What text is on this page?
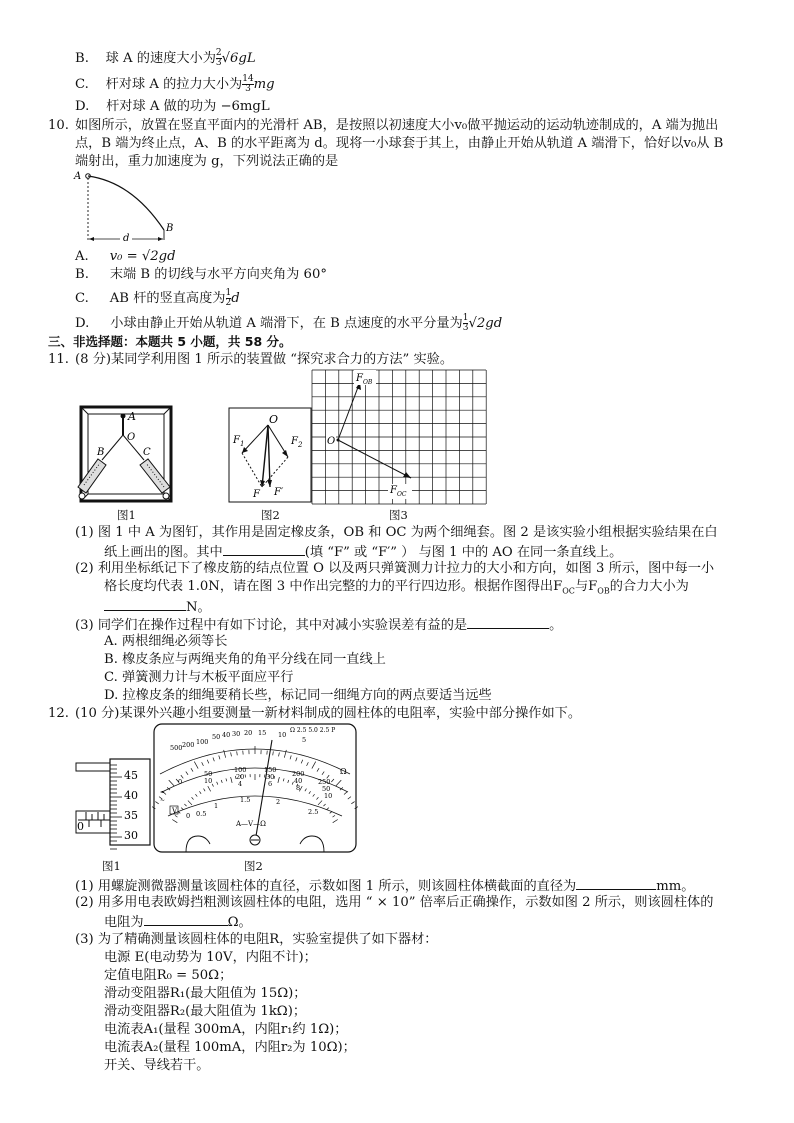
B. 球 A 的速度大小为 $\frac{2}{3} √6gL$
C. 杆对球 A 的拉力大小为 $\frac{14}{3}$ mg
D. 杆对球 A 做的功为 −6mgL
10. 如图所示，放置在竖直平面内的光滑杆 AB，是按照以初速度大小v₀做平抛运动的运动轨迹制成的，A 端为抛出
点，B 端为终止点，A、B 的水平距离为 d。现将一小球套于其上，由静止开始从轨道 A 端滑下，恰好以v₀从 B
端射出，重力加速度为 g，下列说法正确的是
A
B
d
A. v₀ = √2gd
B. 末端 B 的切线与水平方向夹角为 60°
C. AB 杆的竖直高度为 $\frac{1}{2}$ d
D. 小球由静止开始从轨道 A 端滑下，在 B 点速度的水平分量为 $\frac{1}{3} √2gd$
三、非选择题：本题共 5 小题，共 58 分。
11. (8 分)某同学利用图 1 所示的装置做 “探究求合力的方法” 实验。
A
O
B	C
图1
O
$F_1$	$F_2$
F F′
图2
O
$F_{OB}$
$F_{OC}$
图3
(1) 图 1 中 A 为图钉，其作用是固定橡皮条，OB 和 OC 为两个细绳套。图 2 是该实验小组根据实验结果在白
纸上画出的图。其中	(填 “F” 或 “F′” ） 与图 1 中的 AO 在同一条直线上。
(2) 利用坐标纸记下了橡皮筋的结点位置 O 以及两只弹簧测力计拉力的大小和方向，如图 3 所示，图中每一小
格长度均代表 1.0N，请在图 3 中作出完整的力的平行四边形。根据作图得出$F_{OC}$与$F_{OB}$的合力大小为
N。
(3) 同学们在操作过程中有如下讨论，其中对减小实验误差有益的是	。
A. 两根细绳必须等长
B. 橡皮条应与两绳夹角的角平分线在同一直线上
C. 弹簧测力计与木板平面应平行
D. 拉橡皮条的细绳要稍长些，标记同一细绳方向的两点要适当远些
12. (10 分)某课外兴趣小组要测量一新材料制成的圆柱体的电阻率，实验中部分操作如下。
0
45
40
35
30
图1
Ω 2.5 5.0 2.5 P
500 200 100
50 40 30 20 15 10
5
Ω
0
50	100	150 200
250
10	20	30	40
50
4	6	8
10
0 0.5
1
1.5	2
2.5
V
A—V—Ω
=
~
图2
(1) 用螺旋测微器测量该圆柱体的直径，示数如图 1 所示，则该圆柱体横截面的直径为	mm。
(2) 用多用电表欧姆挡粗测该圆柱体的电阻，选用 “ × 10” 倍率后正确操作，示数如图 2 所示，则该圆柱体的
电阻为	Ω。
(3) 为了精确测量该圆柱体的电阻R，实验室提供了如下器材：
电源 E(电动势为 10V，内阻不计)；
定值电阻R₀ = 50Ω；
滑动变阻器R₁(最大阻值为 15Ω)；
滑动变阻器R₂(最大阻值为 1kΩ)；
电流表A₁(量程 300mA，内阻r₁约 1Ω)；
电流表A₂(量程 100mA，内阻r₂为 10Ω)；
开关、导线若干。
